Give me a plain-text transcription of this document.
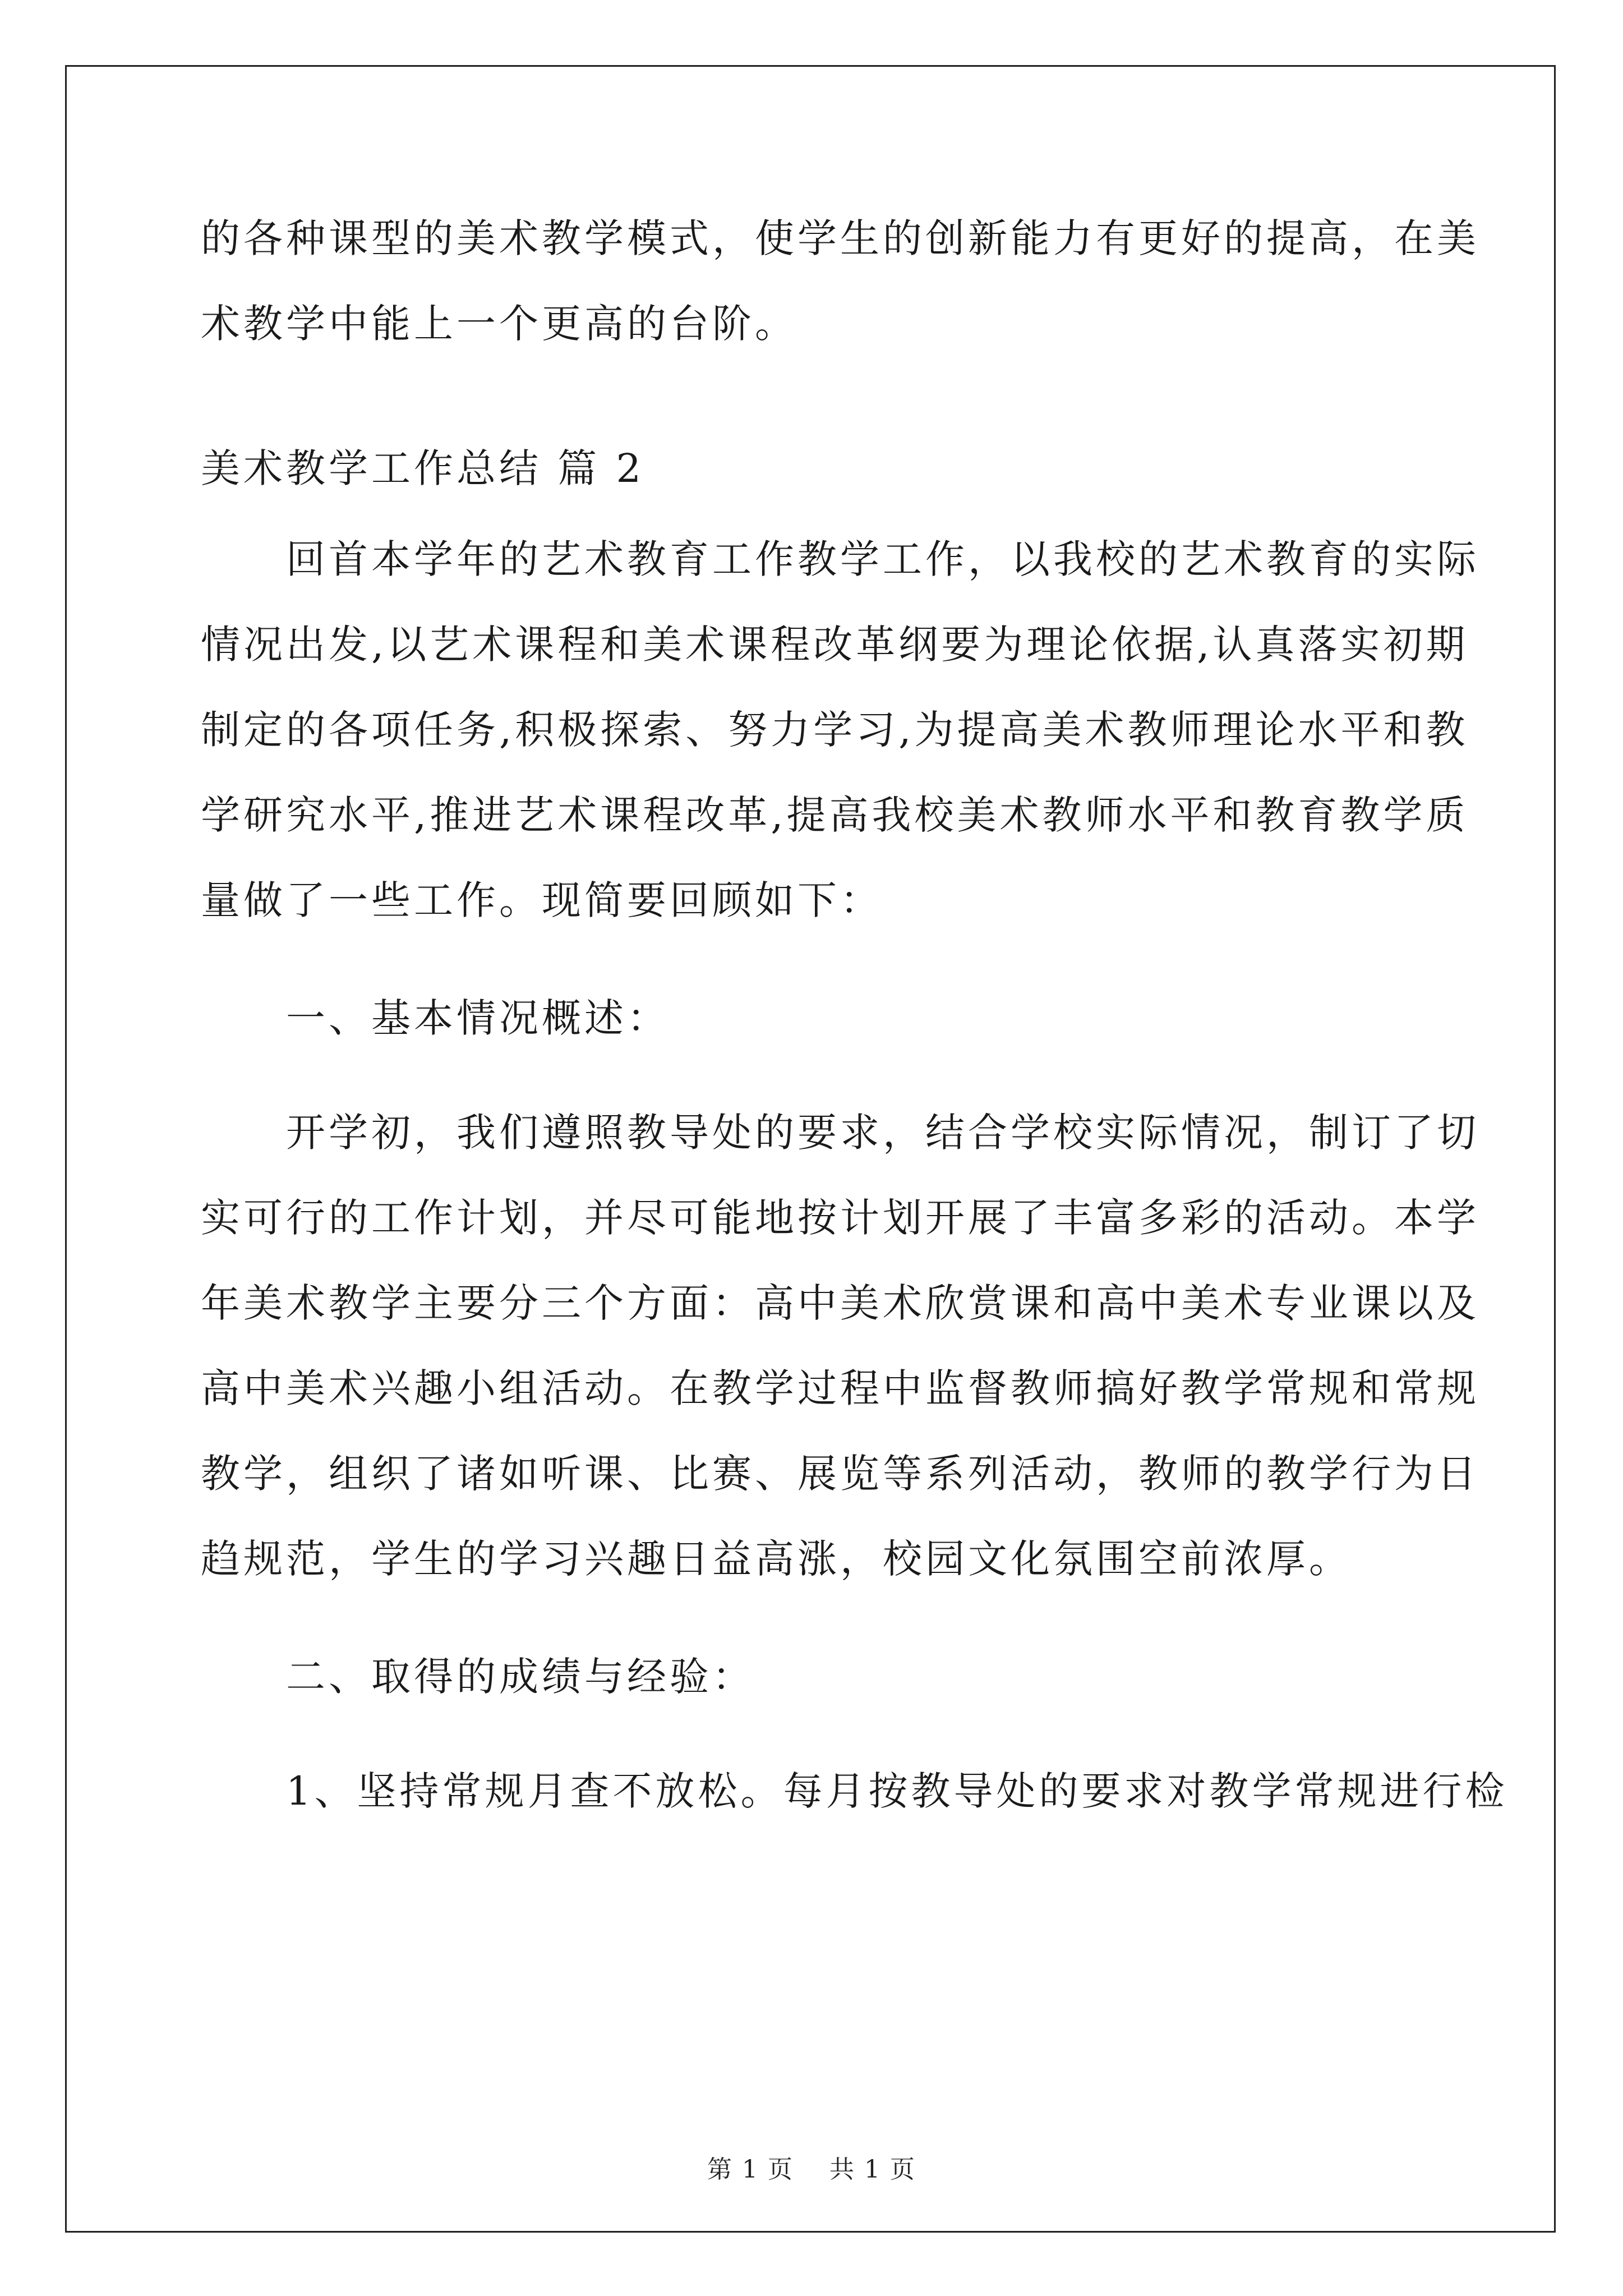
的各种课型的美术教学模式，使学生的创新能力有更好的提高，在美
术教学中能上一个更高的台阶。
美术教学工作总结 篇 2
　　回首本学年的艺术教育工作教学工作，以我校的艺术教育的实际
情况出发,以艺术课程和美术课程改革纲要为理论依据,认真落实初期
制定的各项任务,积极探索、努力学习,为提高美术教师理论水平和教
学研究水平,推进艺术课程改革,提高我校美术教师水平和教育教学质
量做了一些工作。现简要回顾如下：
　　一、基本情况概述：
　　开学初，我们遵照教导处的要求，结合学校实际情况，制订了切
实可行的工作计划，并尽可能地按计划开展了丰富多彩的活动。本学
年美术教学主要分三个方面：高中美术欣赏课和高中美术专业课以及
高中美术兴趣小组活动。在教学过程中监督教师搞好教学常规和常规
教学，组织了诸如听课、比赛、展览等系列活动，教师的教学行为日
趋规范，学生的学习兴趣日益高涨，校园文化氛围空前浓厚。
　　二、取得的成绩与经验：
　　1、坚持常规月查不放松。每月按教导处的要求对教学常规进行检
第 1 页    共 1 页
